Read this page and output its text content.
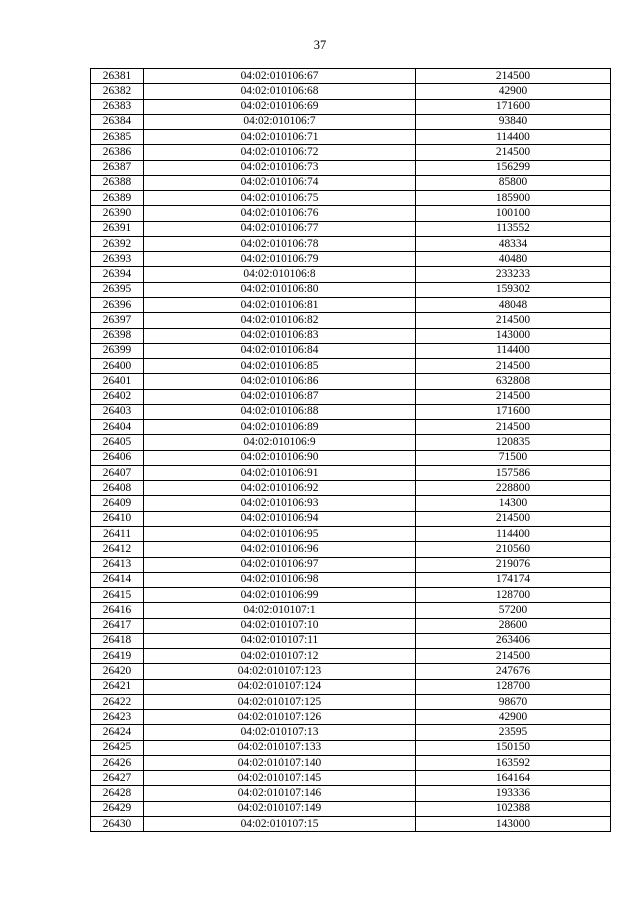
37
26381	04:02:010106:67	214500
26382	04:02:010106:68	42900
26383	04:02:010106:69	171600
26384	04:02:010106:7	93840
26385	04:02:010106:71	114400
26386	04:02:010106:72	214500
26387	04:02:010106:73	156299
26388	04:02:010106:74	85800
26389	04:02:010106:75	185900
26390	04:02:010106:76	100100
26391	04:02:010106:77	113552
26392	04:02:010106:78	48334
26393	04:02:010106:79	40480
26394	04:02:010106:8	233233
26395	04:02:010106:80	159302
26396	04:02:010106:81	48048
26397	04:02:010106:82	214500
26398	04:02:010106:83	143000
26399	04:02:010106:84	114400
26400	04:02:010106:85	214500
26401	04:02:010106:86	632808
26402	04:02:010106:87	214500
26403	04:02:010106:88	171600
26404	04:02:010106:89	214500
26405	04:02:010106:9	120835
26406	04:02:010106:90	71500
26407	04:02:010106:91	157586
26408	04:02:010106:92	228800
26409	04:02:010106:93	14300
26410	04:02:010106:94	214500
26411	04:02:010106:95	114400
26412	04:02:010106:96	210560
26413	04:02:010106:97	219076
26414	04:02:010106:98	174174
26415	04:02:010106:99	128700
26416	04:02:010107:1	57200
26417	04:02:010107:10	28600
26418	04:02:010107:11	263406
26419	04:02:010107:12	214500
26420	04:02:010107:123	247676
26421	04:02:010107:124	128700
26422	04:02:010107:125	98670
26423	04:02:010107:126	42900
26424	04:02:010107:13	23595
26425	04:02:010107:133	150150
26426	04:02:010107:140	163592
26427	04:02:010107:145	164164
26428	04:02:010107:146	193336
26429	04:02:010107:149	102388
26430	04:02:010107:15	143000
